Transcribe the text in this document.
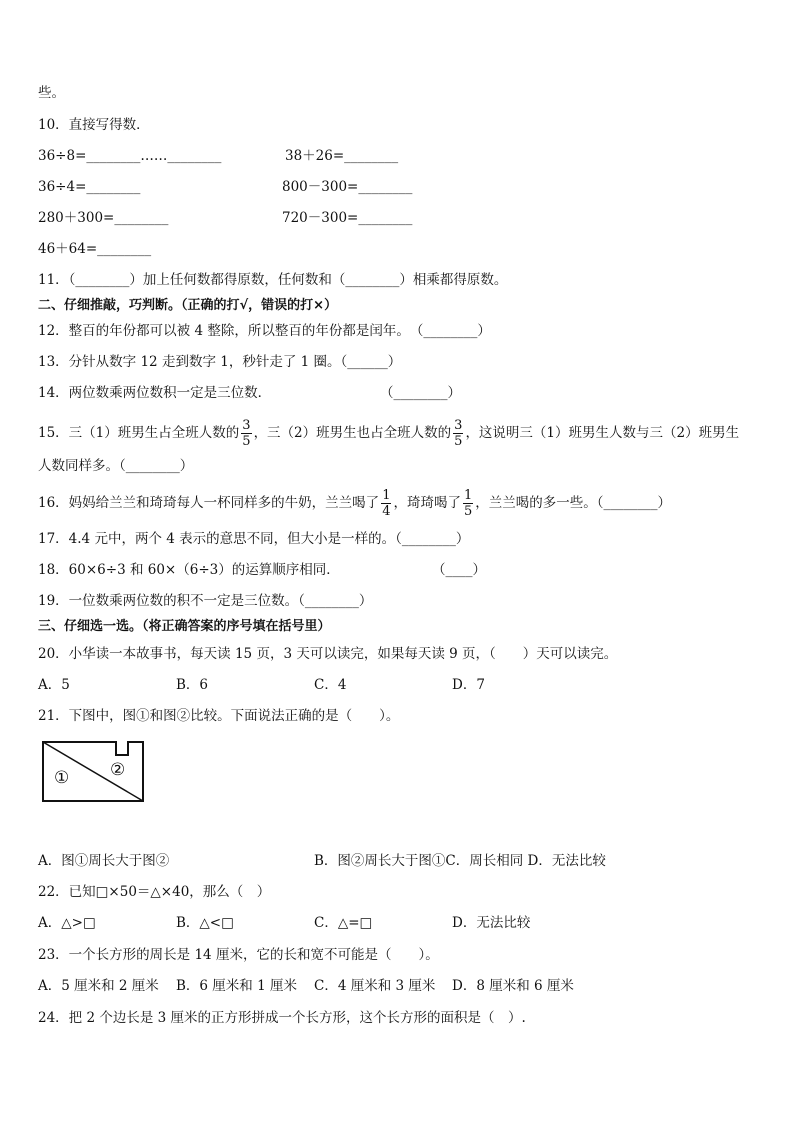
些。
10．直接写得数．
36÷8=________……________	38＋26=________
36÷4=________	800－300=________
280＋300=________	720－300=________
46＋64=________
11．（________）加上任何数都得原数，任何数和（________）相乘都得原数。
二、仔细推敲，巧判断。（正确的打√，错误的打×）
12．整百的年份都可以被 4 整除，所以整百的年份都是闰年。　（________）
13．分针从数字 12 走到数字 1，秒针走了 1 圈。（______）
14．两位数乘两位数积一定是三位数．	（________）
15．三（1）班男生占全班人数的 $\frac{3}{5}$ ，三（2）班男生也占全班人数的 $\frac{3}{5}$ ，这说明三（1）班男生人数与三（2）班男生
人数同样多。（________）
16．妈妈给兰兰和琦琦每人一杯同样多的牛奶，兰兰喝了 $\frac{1}{4}$ ，琦琦喝了 $\frac{1}{5}$ ，兰兰喝的多一些。（________）
17．4.4 元中，两个 4 表示的意思不同，但大小是一样的。（________）
18．60×6÷3 和 60×（6÷3）的运算顺序相同．	（____）
19．一位数乘两位数的积不一定是三位数。（________）
三、仔细选一选。（将正确答案的序号填在括号里）
20．小华读一本故事书，每天读 15 页，3 天可以读完，如果每天读 9 页，（　　）天可以读完。
A．5	B．6	C．4	D．7
21．下图中，图①和图②比较。下面说法正确的是（　　）。
① ②
A．图①周长大于图②	B．图②周长大于图①C．周长相同 D．无法比较
22．已知□×50＝△×40，那么（　）
A．△>□	B．△<□	C．△=□	D．无法比较
23．一个长方形的周长是 14 厘米，它的长和宽不可能是（　　）。
A．5 厘米和 2 厘米 B．6 厘米和 1 厘米 C．4 厘米和 3 厘米 D．8 厘米和 6 厘米
24．把 2 个边长是 3 厘米的正方形拼成一个长方形，这个长方形的面积是（　）.
